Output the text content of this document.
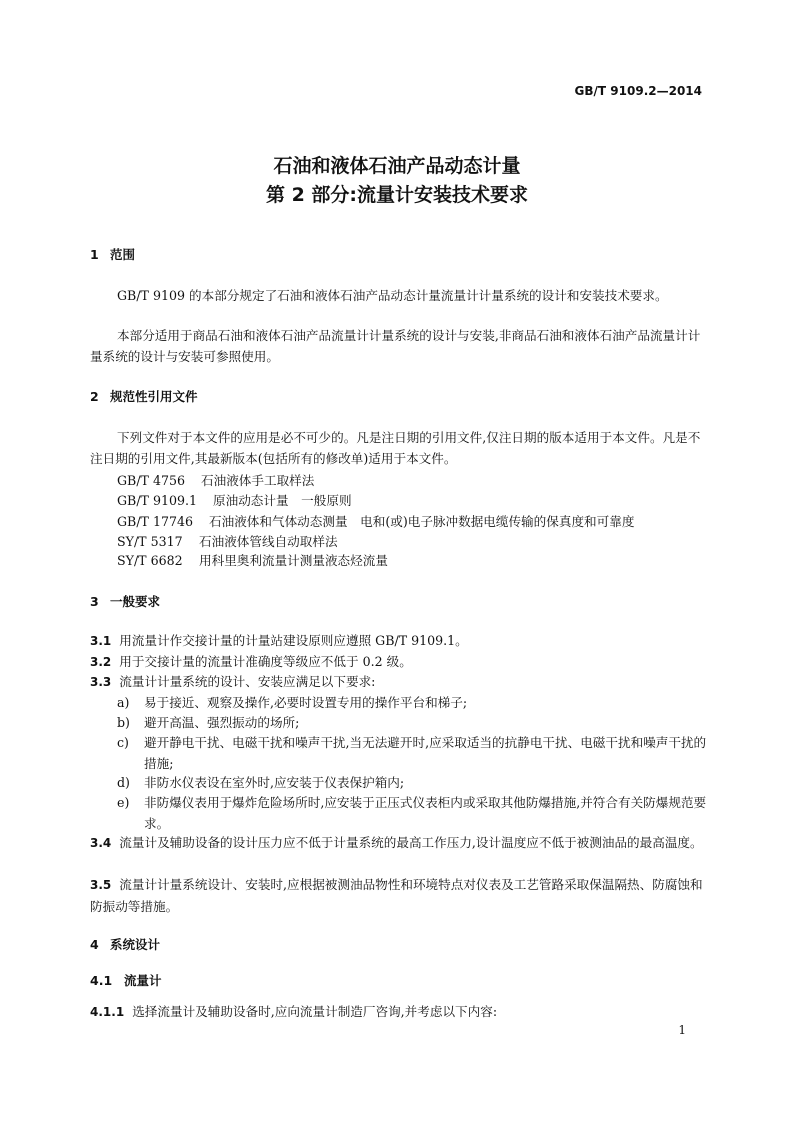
GB/T 9109.2—2014
石油和液体石油产品动态计量
第 2 部分:流量计安装技术要求
1 范围
GB/T 9109 的本部分规定了石油和液体石油产品动态计量流量计计量系统的设计和安装技术要求。
本部分适用于商品石油和液体石油产品流量计计量系统的设计与安装,非商品石油和液体石油产品流量计计量系统的设计与安装可参照使用。
2 规范性引用文件
下列文件对于本文件的应用是必不可少的。凡是注日期的引用文件,仅注日期的版本适用于本文件。凡是不注日期的引用文件,其最新版本(包括所有的修改单)适用于本文件。
GB/T 4756 石油液体手工取样法
GB/T 9109.1 原油动态计量　一般原则
GB/T 17746 石油液体和气体动态测量　电和(或)电子脉冲数据电缆传输的保真度和可靠度
SY/T 5317 石油液体管线自动取样法
SY/T 6682 用科里奥利流量计测量液态烃流量
3 一般要求
3.1 用流量计作交接计量的计量站建设原则应遵照 GB/T 9109.1。
3.2 用于交接计量的流量计准确度等级应不低于 0.2 级。
3.3 流量计计量系统的设计、安装应满足以下要求:
a)	易于接近、观察及操作,必要时设置专用的操作平台和梯子;
b)	避开高温、强烈振动的场所;
c)	避开静电干扰、电磁干扰和噪声干扰,当无法避开时,应采取适当的抗静电干扰、电磁干扰和噪声干扰的措施;
d)	非防水仪表设在室外时,应安装于仪表保护箱内;
e)	非防爆仪表用于爆炸危险场所时,应安装于正压式仪表柜内或采取其他防爆措施,并符合有关防爆规范要求。
3.4 流量计及辅助设备的设计压力应不低于计量系统的最高工作压力,设计温度应不低于被测油品的最高温度。
3.5 流量计计量系统设计、安装时,应根据被测油品物性和环境特点对仪表及工艺管路采取保温隔热、防腐蚀和防振动等措施。
4 系统设计
4.1 流量计
4.1.1 选择流量计及辅助设备时,应向流量计制造厂咨询,并考虑以下内容:
1
